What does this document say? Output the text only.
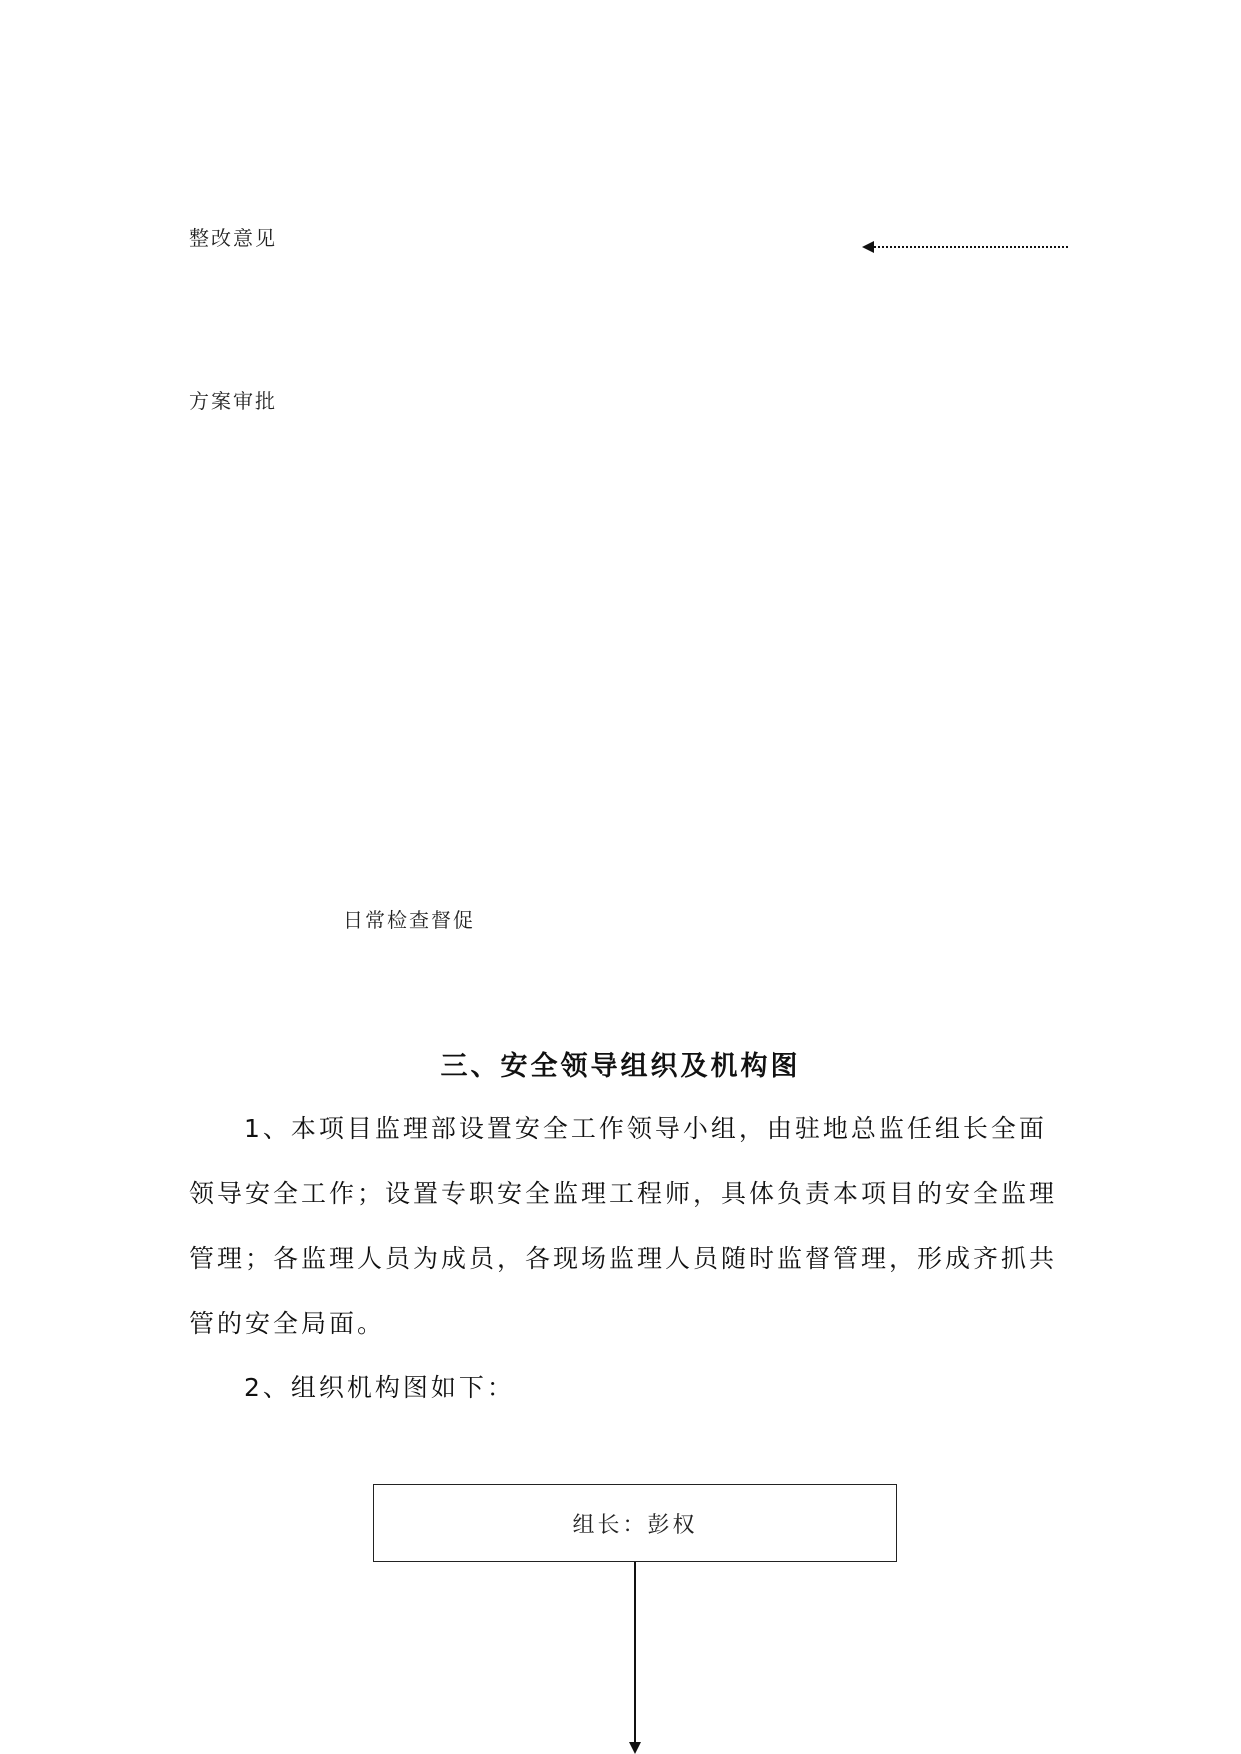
整改意见
方案审批
日常检查督促
三、安全领导组织及机构图

1、本项目监理部设置安全工作领导小组，由驻地总监任组长全面领导安全工作；设置专职安全监理工程师，具体负责本项目的安全监理管理；各监理人员为成员，各现场监理人员随时监督管理，形成齐抓共管的安全局面。

2、组织机构图如下：

组长：彭权
